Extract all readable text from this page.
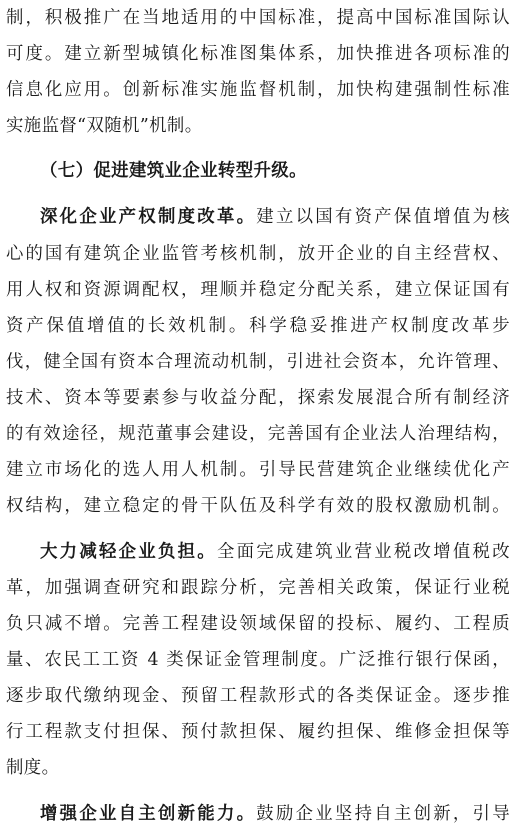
制，积极推广在当地适用的中国标准，提高中国标准国际认
可度。建立新型城镇化标准图集体系，加快推进各项标准的
信息化应用。创新标准实施监督机制，加快构建强制性标准
实施监督“双随机”机制。
（七）促进建筑业企业转型升级。
深化企业产权制度改革。建立以国有资产保值增值为核
心的国有建筑企业监管考核机制，放开企业的自主经营权、
用人权和资源调配权，理顺并稳定分配关系，建立保证国有
资产保值增值的长效机制。科学稳妥推进产权制度改革步
伐，健全国有资本合理流动机制，引进社会资本，允许管理、
技术、资本等要素参与收益分配，探索发展混合所有制经济
的有效途径，规范董事会建设，完善国有企业法人治理结构，
建立市场化的选人用人机制。引导民营建筑企业继续优化产
权结构，建立稳定的骨干队伍及科学有效的股权激励机制。
大力减轻企业负担。全面完成建筑业营业税改增值税改
革，加强调查研究和跟踪分析，完善相关政策，保证行业税
负只减不增。完善工程建设领域保留的投标、履约、工程质
量、农民工工资 4 类保证金管理制度。广泛推行银行保函，
逐步取代缴纳现金、预留工程款形式的各类保证金。逐步推
行工程款支付担保、预付款担保、履约担保、维修金担保等
制度。
增强企业自主创新能力。鼓励企业坚持自主创新，引导
